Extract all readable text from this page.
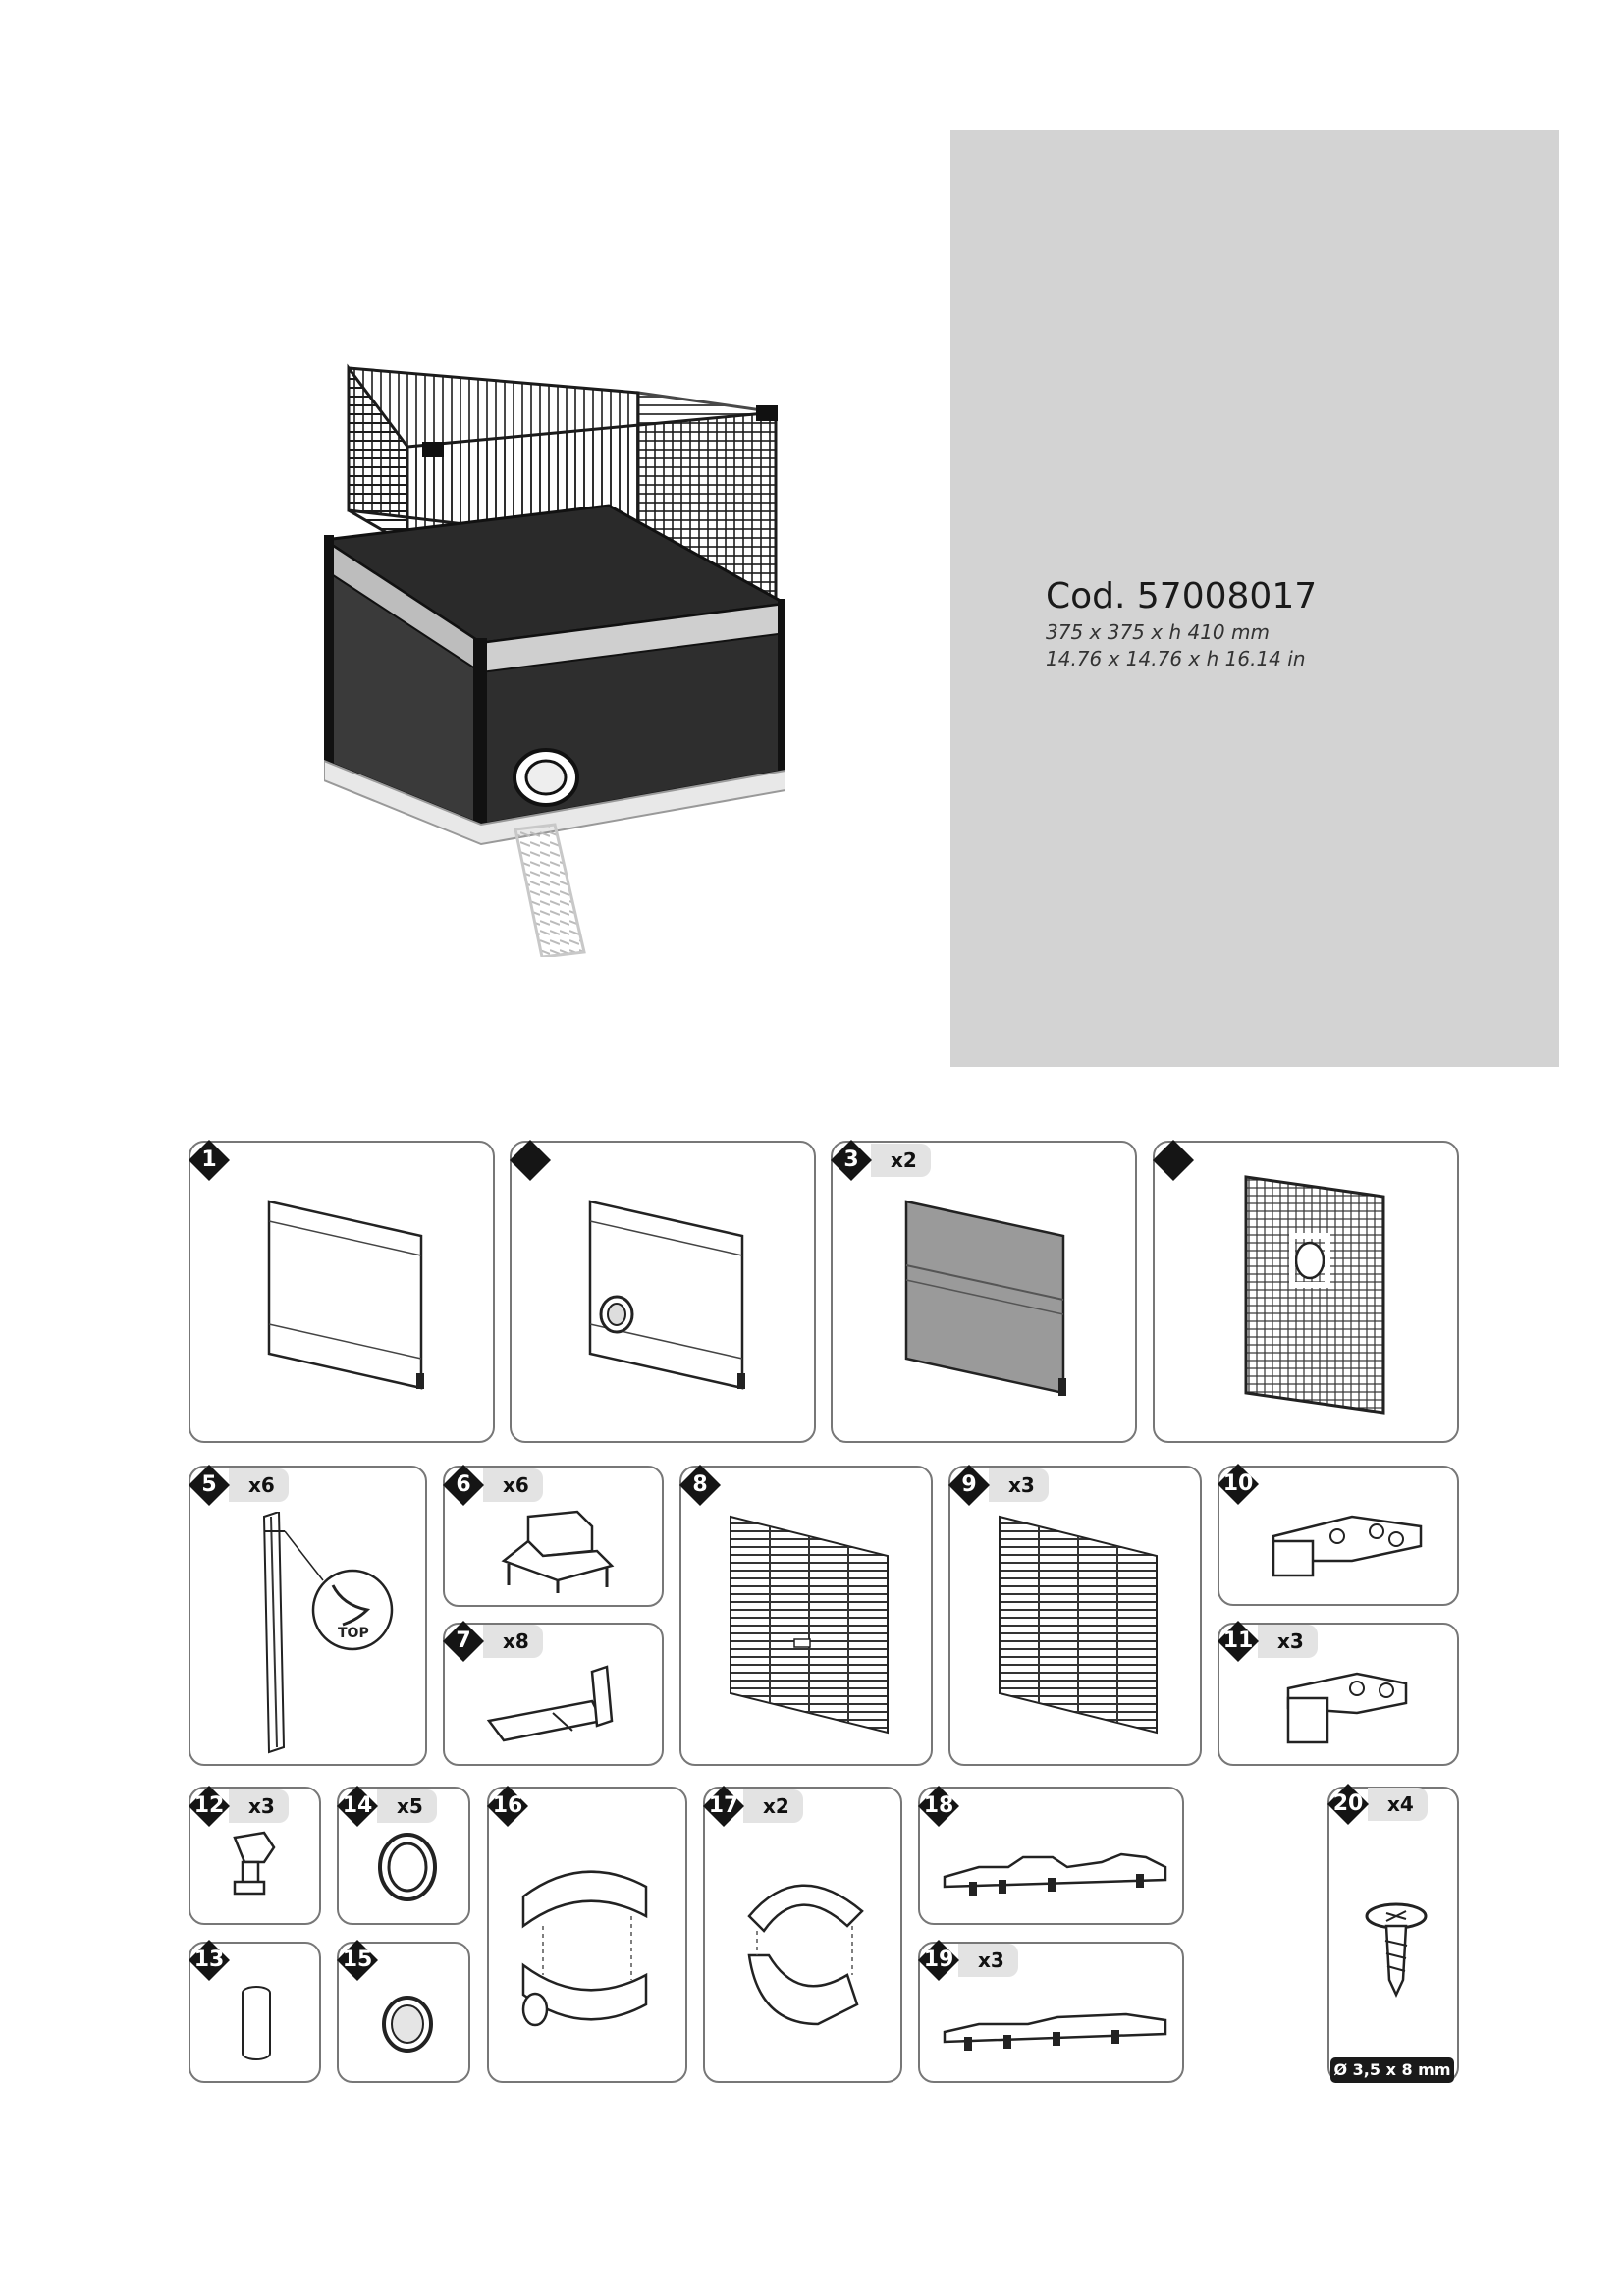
Cod. 57008017
375 x 375 x h 410 mm
14.76 x 14.76 x h 16.14 in
1	3	x2
TOP
5	x6	6	x6
7	x8
8	9	x3	10
11	x3
12	x3
13
14	x5
15
16	17	x2	18
19	x3
20	x4
Ø 3,5 x 8 mm
